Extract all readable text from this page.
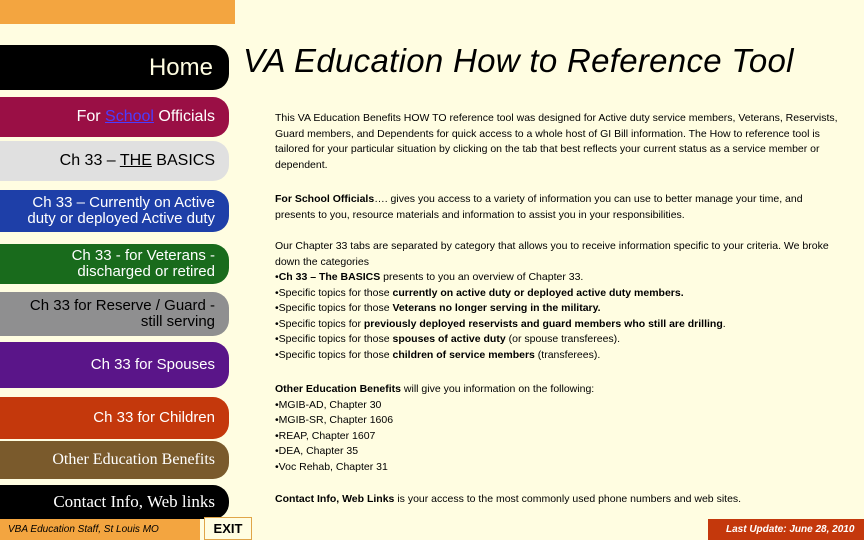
VA Education How to Reference Tool
Home
For School Officials
Ch 33 – THE BASICS
Ch 33 – Currently on Active
duty or deployed Active duty
Ch 33 - for Veterans -
discharged or retired
Ch 33 for Reserve / Guard -
still serving
Ch 33 for Spouses
Ch 33 for Children
Other Education Benefits
Contact Info, Web links

This VA Education Benefits HOW TO reference tool was designed for Active duty service members, Veterans, Reservists, Guard members, and Dependents for quick access to a whole host of GI Bill information. The How to reference tool is tailored for your particular situation by clicking on the tab that best reflects your current status as a service member or dependent.

For School Officials…. gives you access to a variety of information you can use to better manage your time, and presents to you, resource materials and information to assist you in your responsibilities.

Our Chapter 33 tabs are separated by category that allows you to receive information specific to your criteria. We broke down the categories

•Ch 33 – The BASICS presents to you an overview of Chapter 33.

•Specific topics for those currently on active duty or deployed active duty members.

•Specific topics for those Veterans no longer serving in the military.

•Specific topics for previously deployed reservists and guard members who still are drilling.

•Specific topics for those spouses of active duty (or spouse transferees).

•Specific topics for those children of service members (transferees).

Other Education Benefits will give you information on the following:

•MGIB-AD, Chapter 30

•MGIB-SR, Chapter 1606

•REAP, Chapter 1607

•DEA, Chapter 35

•Voc Rehab, Chapter 31

Contact Info, Web Links is your access to the most commonly used phone numbers and web sites.

VBA Education Staff, St Louis MO	EXIT	Last Update: June 28, 2010
